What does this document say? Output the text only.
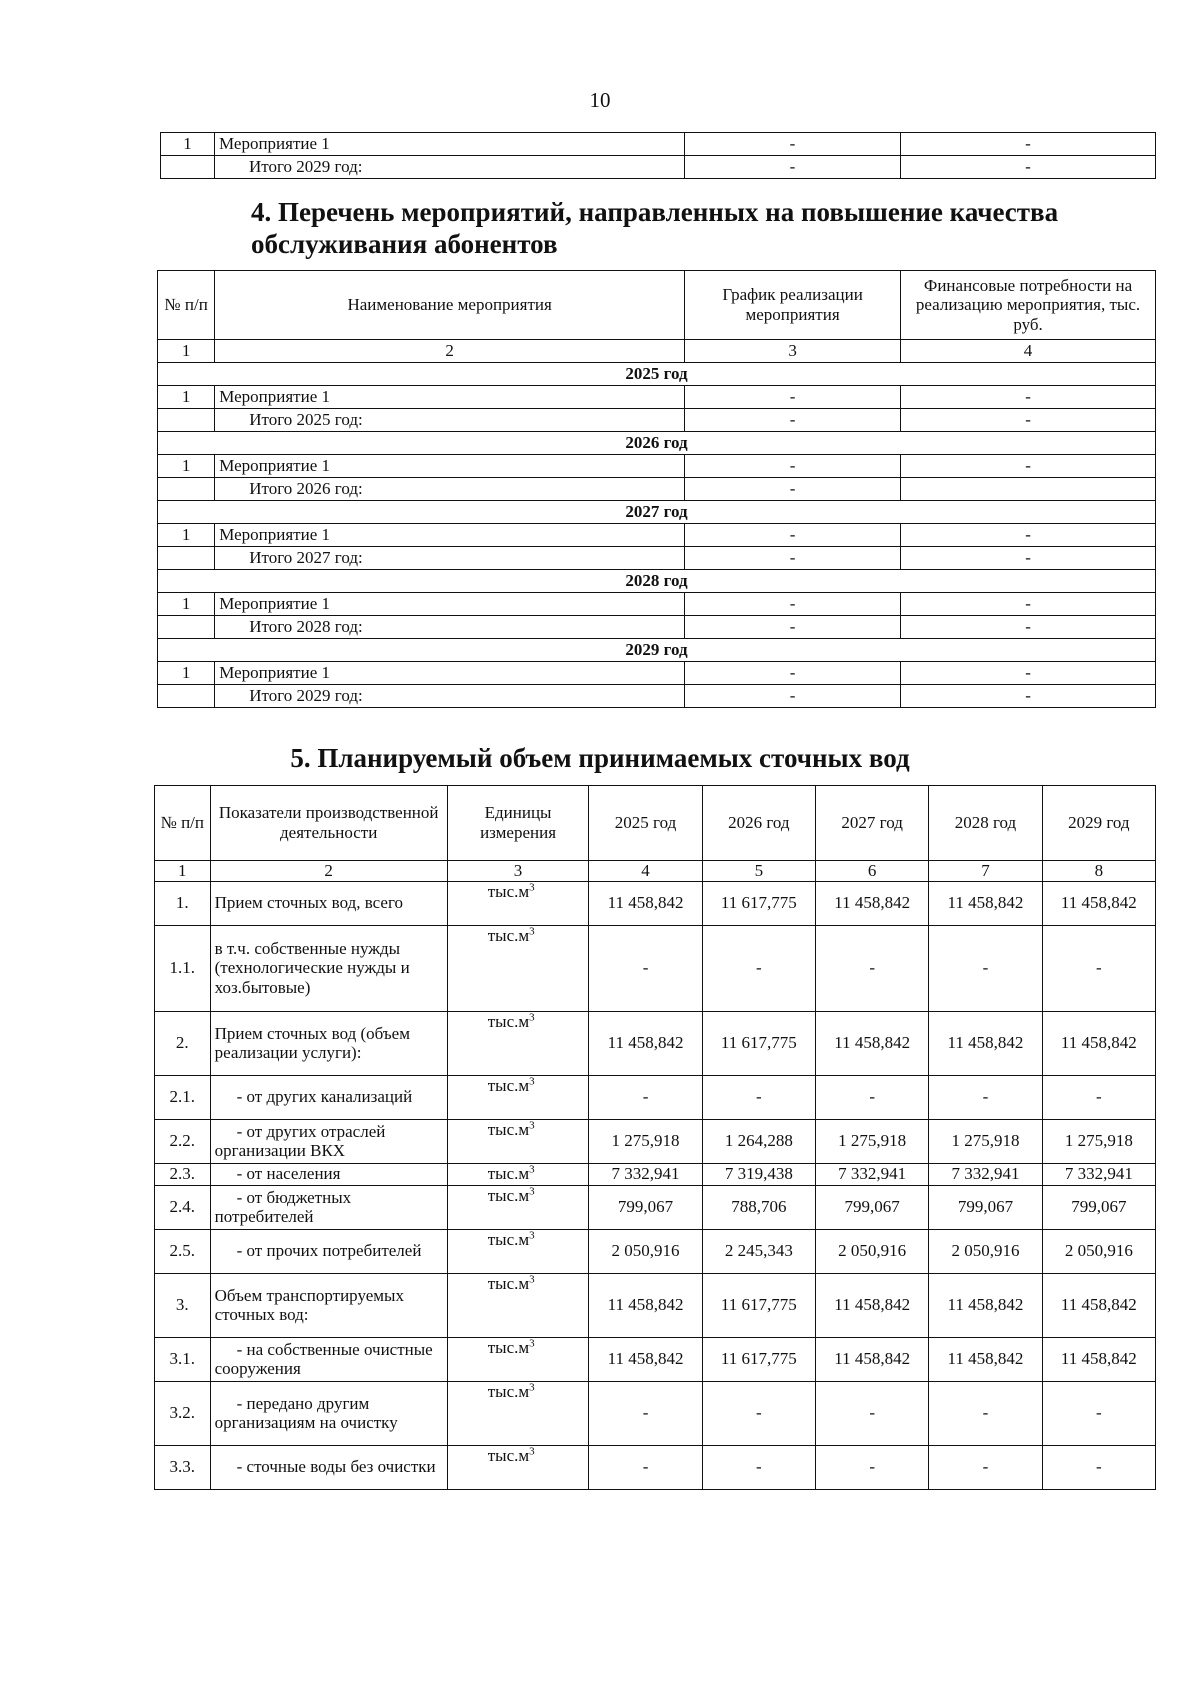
10
1	Мероприятие 1	-	-
	Итого 2029 год:	-	-
4. Перечень мероприятий, направленных на повышение качества обслуживания абонентов
№ п/п	Наименование мероприятия	График реализации мероприятия	Финансовые потребности на реализацию мероприятия, тыс. руб.
1	2	3	4
2025 год			
1	Мероприятие 1	-	-
	Итого 2025 год:	-	-
2026 год			
1	Мероприятие 1	-	-
	Итого 2026 год:	-	
2027 год			
1	Мероприятие 1	-	-
	Итого 2027 год:	-	-
2028 год			
1	Мероприятие 1	-	-
	Итого 2028 год:	-	-
2029 год			
1	Мероприятие 1	-	-
	Итого 2029 год:	-	-
5. Планируемый объем принимаемых сточных вод
№ п/п	Показатели производственной деятельности	Единицы измерения	2025 год	2026 год	2027 год	2028 год	2029 год
1	2	3	4	5	6	7	8
1.	Прием сточных вод, всего	$тыс.м^3$	11 458,842	11 617,775	11 458,842	11 458,842	11 458,842
1.1.	в т.ч. собственные нужды (технологические нужды и хоз.бытовые)	$тыс.м^3$	-	-	-	-	-
2.	Прием сточных вод (объем реализации услуги):	$тыс.м^3$	11 458,842	11 617,775	11 458,842	11 458,842	11 458,842
2.1.	- от других канализаций	$тыс.м^3$	-	-	-	-	-
2.2.	- от других отраслей организации ВКХ	$тыс.м^3$	1 275,918	1 264,288	1 275,918	1 275,918	1 275,918
2.3.	- от населения	$тыс.м^3$	7 332,941	7 319,438	7 332,941	7 332,941	7 332,941
2.4.	- от бюджетных потребителей	$тыс.м^3$	799,067	788,706	799,067	799,067	799,067
2.5.	- от прочих потребителей	$тыс.м^3$	2 050,916	2 245,343	2 050,916	2 050,916	2 050,916
3.	Объем транспортируемых сточных вод:	$тыс.м^3$	11 458,842	11 617,775	11 458,842	11 458,842	11 458,842
3.1.	- на собственные очистные сооружения	$тыс.м^3$	11 458,842	11 617,775	11 458,842	11 458,842	11 458,842
3.2.	- передано другим организациям на очистку	$тыс.м^3$	-	-	-	-	-
3.3.	- сточные воды без очистки	$тыс.м^3$	-	-	-	-	-
